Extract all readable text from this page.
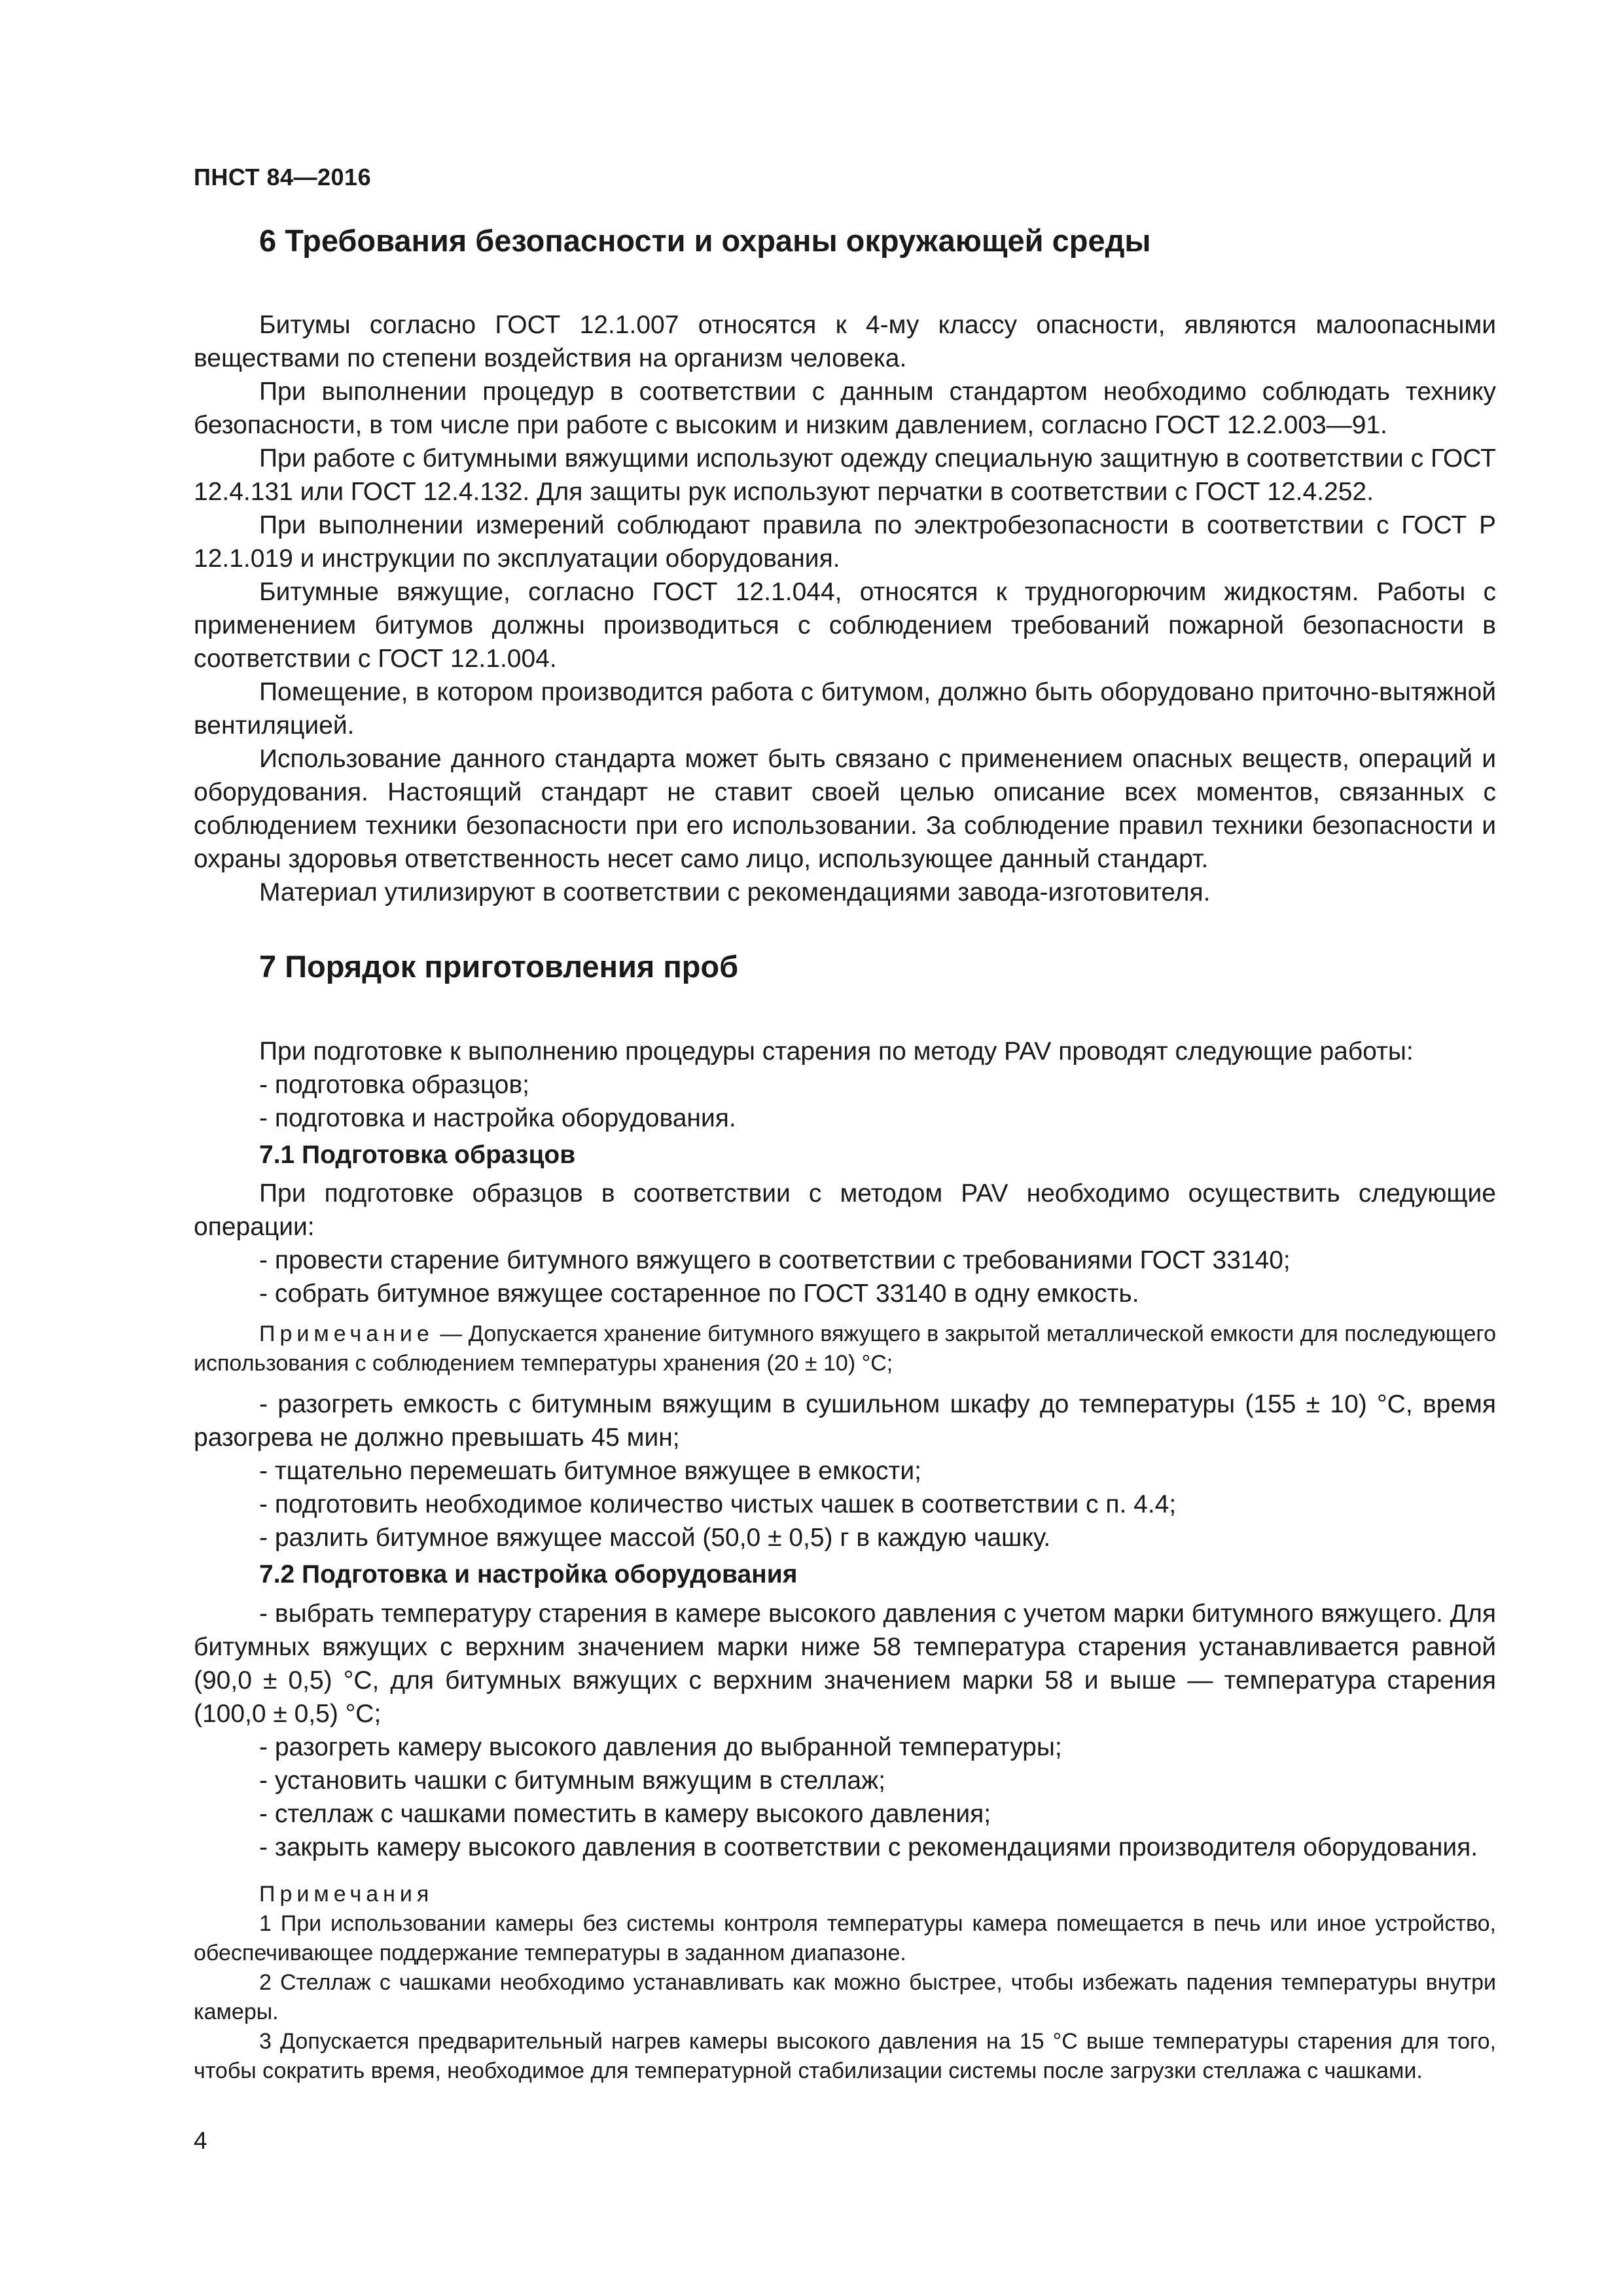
ПНСТ 84—2016
6 Требования безопасности и охраны окружающей среды

Битумы согласно ГОСТ 12.1.007 относятся к 4-му классу опасности, являются малоопасными веществами по степени воздействия на организм человека.

При выполнении процедур в соответствии с данным стандартом необходимо соблюдать технику безопасности, в том числе при работе с высоким и низким давлением, согласно ГОСТ 12.2.003—91.

При работе с битумными вяжущими используют одежду специальную защитную в соответствии с ГОСТ 12.4.131 или ГОСТ 12.4.132. Для защиты рук используют перчатки в соответствии с ГОСТ 12.4.252.

При выполнении измерений соблюдают правила по электробезопасности в соответствии с ГОСТ Р 12.1.019 и инструкции по эксплуатации оборудования.

Битумные вяжущие, согласно ГОСТ 12.1.044, относятся к трудногорючим жидкостям. Работы с применением битумов должны производиться с соблюдением требований пожарной безопасности в соответствии с ГОСТ 12.1.004.

Помещение, в котором производится работа с битумом, должно быть оборудовано приточно-вытяжной вентиляцией.

Использование данного стандарта может быть связано с применением опасных веществ, операций и оборудования. Настоящий стандарт не ставит своей целью описание всех моментов, связанных с соблюдением техники безопасности при его использовании. За соблюдение правил техники безопасности и охраны здоровья ответственность несет само лицо, использующее данный стандарт.

Материал утилизируют в соответствии с рекомендациями завода-изготовителя.

7 Порядок приготовления проб

При подготовке к выполнению процедуры старения по методу PAV проводят следующие работы:

- подготовка образцов;
- подготовка и настройка оборудования.
7.1 Подготовка образцов

При подготовке образцов в соответствии с методом PAV необходимо осуществить следующие операции:

- провести старение битумного вяжущего в соответствии с требованиями ГОСТ 33140;
- собрать битумное вяжущее состаренное по ГОСТ 33140 в одну емкость.

Примечание — Допускается хранение битумного вяжущего в закрытой металлической емкости для последующего использования с соблюдением температуры хранения (20 ± 10) °C;

- разогреть емкость с битумным вяжущим в сушильном шкафу до температуры (155 ± 10) °C, время разогрева не должно превышать 45 мин;

- тщательно перемешать битумное вяжущее в емкости;
- подготовить необходимое количество чистых чашек в соответствии с п. 4.4;
- разлить битумное вяжущее массой (50,0 ± 0,5) г в каждую чашку.
7.2 Подготовка и настройка оборудования

- выбрать температуру старения в камере высокого давления с учетом марки битумного вяжущего. Для битумных вяжущих с верхним значением марки ниже 58 температура старения устанавливается равной (90,0 ± 0,5) °C, для битумных вяжущих с верхним значением марки 58 и выше — температура старения (100,0 ± 0,5) °C;

- разогреть камеру высокого давления до выбранной температуры;
- установить чашки с битумным вяжущим в стеллаж;
- стеллаж с чашками поместить в камеру высокого давления;

- закрыть камеру высокого давления в соответствии с рекомендациями производителя оборудования.

Примечания

1 При использовании камеры без системы контроля температуры камера помещается в печь или иное устройство, обеспечивающее поддержание температуры в заданном диапазоне.

2 Стеллаж с чашками необходимо устанавливать как можно быстрее, чтобы избежать падения температуры внутри камеры.

3 Допускается предварительный нагрев камеры высокого давления на 15 °C выше температуры старения для того, чтобы сократить время, необходимое для температурной стабилизации системы после загрузки стеллажа с чашками.

4
